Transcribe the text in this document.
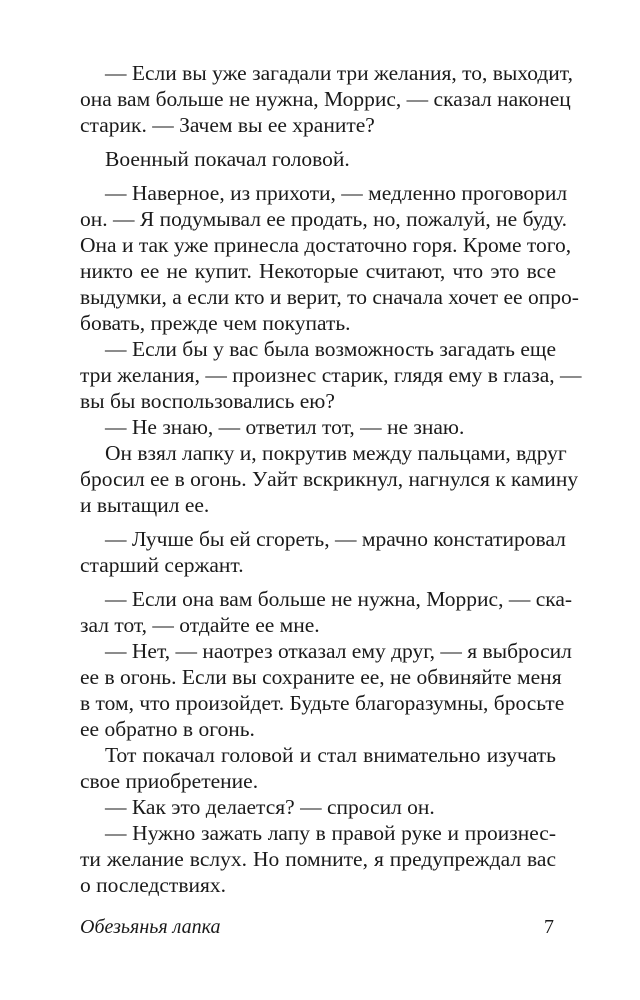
— Если вы уже загадали три желания, то, выходит,
она вам больше не нужна, Моррис, — сказал наконец
старик. — Зачем вы ее храните?
Военный покачал головой.
— Наверное, из прихоти, — медленно проговорил
он. — Я подумывал ее продать, но, пожалуй, не буду.
Она и так уже принесла достаточно горя. Кроме того,
никто ее не купит. Некоторые считают, что это все
выдумки, а если кто и верит, то сначала хочет ее опро-
бовать, прежде чем покупать.
— Если бы у вас была возможность загадать еще
три желания, — произнес старик, глядя ему в глаза, —
вы бы воспользовались ею?
— Не знаю, — ответил тот, — не знаю.
Он взял лапку и, покрутив между пальцами, вдруг
бросил ее в огонь. Уайт вскрикнул, нагнулся к камину
и вытащил ее.
— Лучше бы ей сгореть, — мрачно констатировал
старший сержант.
— Если она вам больше не нужна, Моррис, — ска-
зал тот, — отдайте ее мне.
— Нет, — наотрез отказал ему друг, — я выбросил
ее в огонь. Если вы сохраните ее, не обвиняйте меня
в том, что произойдет. Будьте благоразумны, бросьте
ее обратно в огонь.
Тот покачал головой и стал внимательно изучать
свое приобретение.
— Как это делается? — спросил он.
— Нужно зажать лапу в правой руке и произнес-
ти желание вслух. Но помните, я предупреждал вас
о последствиях.
Обезьянья лапка	7
